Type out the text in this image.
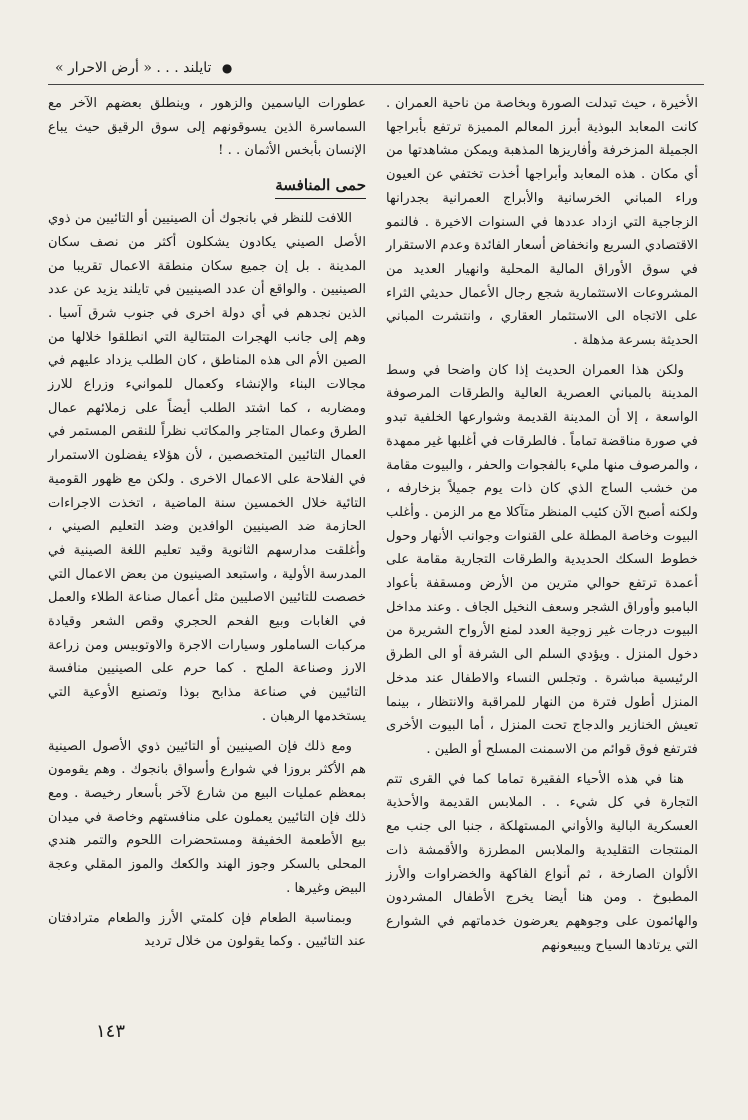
● تايلند . . . « أرض الاحرار »

الأخيرة ، حيث تبدلت الصورة وبخاصة من ناحية العمران . كانت المعابد البوذية أبرز المعالم المميزة ترتفع بأبراجها الجميلة المزخرفة وأفاريزها المذهبة ويمكن مشاهدتها من أي مكان . هذه المعابد وأبراجها أخذت تختفي عن العيون وراء المباني الخرسانية والأبراج العمرانية بجدرانها الزجاجية التي ازداد عددها في السنوات الاخيرة . فالنمو الاقتصادي السريع وانخفاض أسعار الفائدة وعدم الاستقرار في سوق الأوراق المالية المحلية وانهيار العديد من المشروعات الاستثمارية شجع رجال الأعمال حديثي الثراء على الاتجاه الى الاستثمار العقاري ، وانتشرت المباني الحديثة بسرعة مذهلة .

ولكن هذا العمران الحديث إذا كان واضحا في وسط المدينة بالمباني العصرية العالية والطرقات المرصوفة الواسعة ، إلا أن المدينة القديمة وشوارعها الخلفية تبدو في صورة مناقضة تماماً . فالطرقات في أغلبها غير ممهدة ، والمرصوف منها مليء بالفجوات والحفر ، والبيوت مقامة من خشب الساج الذي كان ذات يوم جميلاً بزخارفه ، ولكنه أصبح الآن كئيب المنظر متآكلا مع مر الزمن . وأغلب البيوت وخاصة المطلة على القنوات وجوانب الأنهار وحول خطوط السكك الحديدية والطرقات التجارية مقامة على أعمدة ترتفع حوالي مترين من الأرض ومسقفة بأعواد البامبو وأوراق الشجر وسعف النخيل الجاف . وعند مداخل البيوت درجات غير زوجية العدد لمنع الأرواح الشريرة من دخول المنزل . ويؤدي السلم الى الشرفة أو الى الطرق الرئيسية مباشرة . وتجلس النساء والاطفال عند مدخل المنزل أطول فترة من النهار للمراقبة والانتظار ، بينما تعيش الخنازير والدجاج تحت المنزل ، أما البيوت الأخرى فترتفع فوق قوائم من الاسمنت المسلح أو الطين .

هنا في هذه الأحياء الفقيرة تماما كما في القرى تتم التجارة في كل شيء . . الملابس القديمة والأحذية العسكرية البالية والأواني المستهلكة ، جنبا الى جنب مع المنتجات التقليدية والملابس المطرزة والأقمشة ذات الألوان الصارخة ، ثم أنواع الفاكهة والخضراوات والأرز المطبوخ . ومن هنا أيضا يخرج الأطفال المشردون والهائمون على وجوههم يعرضون خدماتهم في الشوارع التي يرتادها السياح ويبيعونهم

عطورات الياسمين والزهور ، وينطلق بعضهم الآخر مع السماسرة الذين يسوقونهم إلى سوق الرقيق حيث يباع الإنسان بأبخس الأثمان . . !

حمى المنافسة

اللافت للنظر في بانجوك أن الصينيين أو التائيين من ذوي الأصل الصيني يكادون يشكلون أكثر من نصف سكان المدينة . بل إن جميع سكان منطقة الاعمال تقريبا من الصينيين . والواقع أن عدد الصينيين في تايلند يزيد عن عدد الذين نجدهم في أي دولة اخرى في جنوب شرق آسيا . وهم إلى جانب الهجرات المتتالية التي انطلقوا خلالها من الصين الأم الى هذه المناطق ، كان الطلب يزداد عليهم في مجالات البناء والإنشاء وكعمال للموانيء وزراع للارز ومضاربه ، كما اشتد الطلب أيضاً على زملائهم عمال الطرق وعمال المتاجر والمكاتب نظراً للنقص المستمر في العمال التائيين المتخصصين ، لأن هؤلاء يفضلون الاستمرار في الفلاحة على الاعمال الاخرى . ولكن مع ظهور القومية التائية خلال الخمسين سنة الماضية ، اتخذت الاجراءات الحازمة ضد الصينيين الوافدين وضد التعليم الصيني ، وأغلقت مدارسهم الثانوية وقيد تعليم اللغة الصينية في المدرسة الأولية ، واستبعد الصينيون من بعض الاعمال التي خصصت للتائيين الاصليين مثل أعمال صناعة الطلاء والعمل في الغابات وبيع الفحم الحجري وقص الشعر وقيادة مركبات الساملور وسيارات الاجرة والاوتوبيس ومن زراعة الارز وصناعة الملح . كما حرم على الصينيين منافسة التائيين في صناعة مذابح بوذا وتصنيع الأوعية التي يستخدمها الرهبان .

ومع ذلك فإن الصينيين أو التائيين ذوي الأصول الصينية هم الأكثر بروزا في شوارع وأسواق بانجوك . وهم يقومون بمعظم عمليات البيع من شارع لآخر بأسعار رخيصة . ومع ذلك فإن التائيين يعملون على منافستهم وخاصة في ميدان بيع الأطعمة الخفيفة ومستحضرات اللحوم والتمر هندي المحلى بالسكر وجوز الهند والكعك والموز المقلي وعجة البيض وغيرها .

وبمناسبة الطعام فإن كلمتي الأرز والطعام مترادفتان عند التائيين . وكما يقولون من خلال ترديد

١٤٣
